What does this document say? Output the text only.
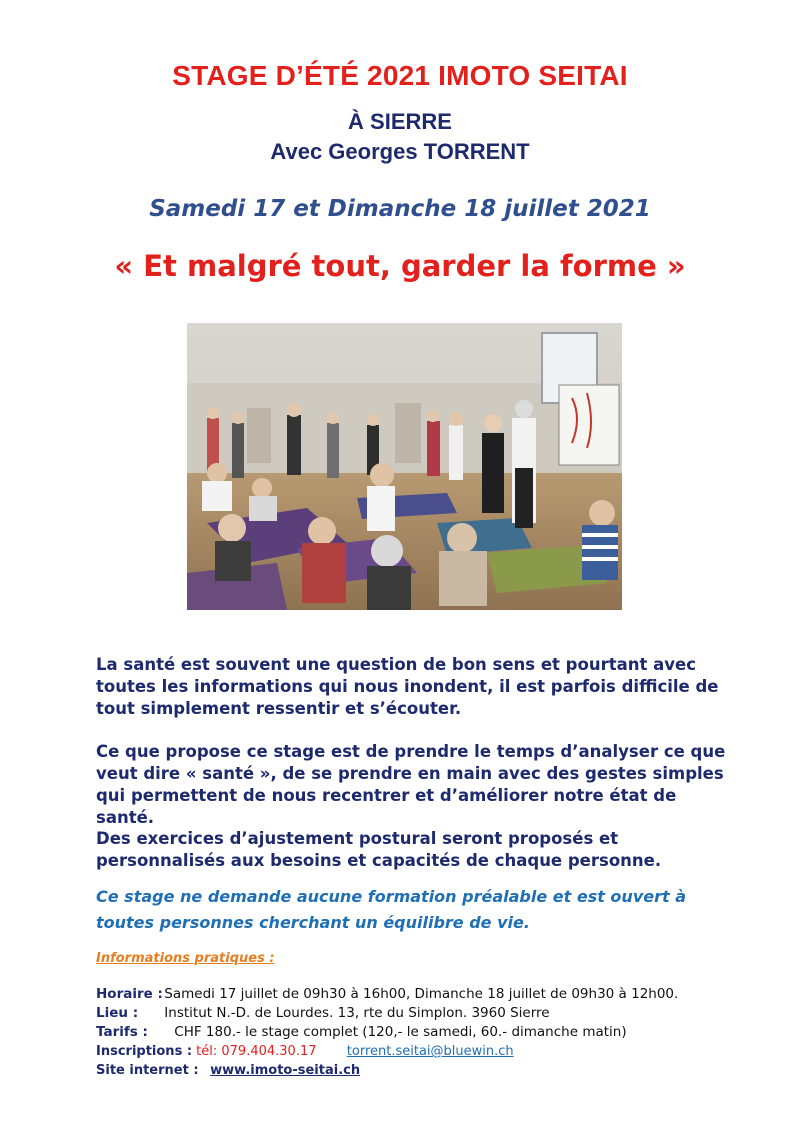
STAGE D’ÉTÉ 2021 IMOTO SEITAI
À SIERRE
Avec Georges TORRENT
Samedi 17 et Dimanche 18 juillet 2021
« Et malgré tout, garder la forme »

La santé est souvent une question de bon sens et pourtant avec toutes les informations qui nous inondent, il est parfois difficile de tout simplement ressentir et s’écouter.

Ce que propose ce stage est de prendre le temps d’analyser ce que veut dire « santé », de se prendre en main avec des gestes simples qui permettent de nous recentrer et d’améliorer notre état de santé.

Des exercices d’ajustement postural seront proposés et personnalisés aux besoins et capacités de chaque personne.

Ce stage ne demande aucune formation préalable et est ouvert à toutes personnes cherchant un équilibre de vie.

Informations pratiques :
Horaire : Samedi 17 juillet de 09h30 à 16h00, Dimanche 18 juillet de 09h30 à 12h00.
Lieu : Institut N.-D. de Lourdes. 13, rte du Simplon. 3960 Sierre
Tarifs : CHF 180.- le stage complet (120,- le samedi, 60.- dimanche matin)
Inscriptions : tél: 079.404.30.17 torrent.seitai@bluewin.ch
Site internet : www.imoto-seitai.ch
